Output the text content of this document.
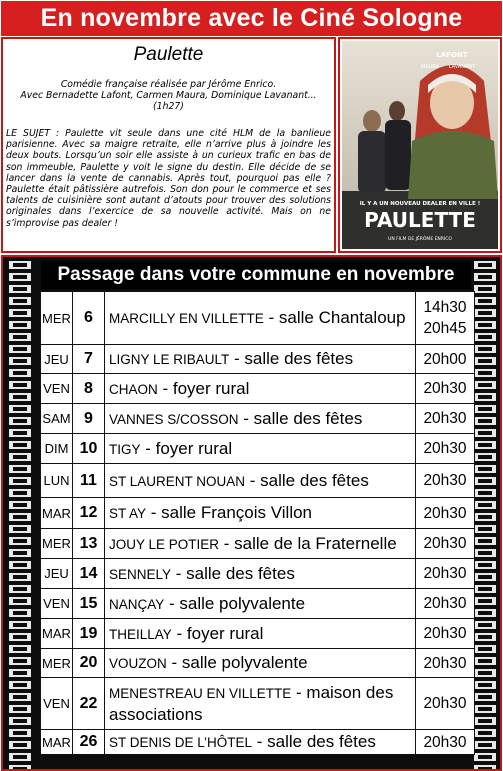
En novembre avec le Ciné Sologne
Paulette
Comédie française réalisée par Jérôme Enrico.
Avec Bernadette Lafont, Carmen Maura, Dominique Lavanant...
(1h27)
LE SUJET : Paulette vit seule dans une cité HLM de la banlieue parisienne. Avec sa maigre retraite, elle n’arrive plus à joindre les deux bouts. Lorsqu’un soir elle assiste à un curieux trafic en bas de son immeuble, Paulette y voit le signe du destin. Elle décide de se lancer dans la vente de cannabis. Après tout, pourquoi pas elle ? Paulette était pâtissière autrefois. Son don pour le commerce et ses talents de cuisinière sont autant d’atouts pour trouver des solutions originales dans l’exercice de sa nouvelle activité. Mais on ne s’improvise pas dealer !
LAFONT
MAURA LAVANANT
IL Y A UN NOUVEAU DEALER EN VILLE !
PAULETTE
UN FILM DE JÉRÔME ENRICO
Passage dans votre commune en novembre
MER	6	MARCILLY EN VILLETTE - salle Chantaloup	14h30
20h45

JEU	7	LIGNY LE RIBAULT - salle des fêtes	20h00

VEN	8	CHAON - foyer rural	20h30

SAM	9	VANNES S/COSSON - salle des fêtes	20h30

DIM	10	TIGY - foyer rural	20h30

LUN	11	ST LAURENT NOUAN - salle des fêtes	20h30

MAR	12	ST AY - salle François Villon	20h30

MER	13	JOUY LE POTIER - salle de la Fraternelle	20h30

JEU	14	SENNELY - salle des fêtes	20h30

VEN	15	NANÇAY - salle polyvalente	20h30

MAR	19	THEILLAY - foyer rural	20h30

MER	20	VOUZON - salle polyvalente	20h30

VEN	22	MENESTREAU EN VILLETTE - maison des associations	20h30

MAR	26	ST DENIS DE L’HÔTEL - salle des fêtes	20h30
